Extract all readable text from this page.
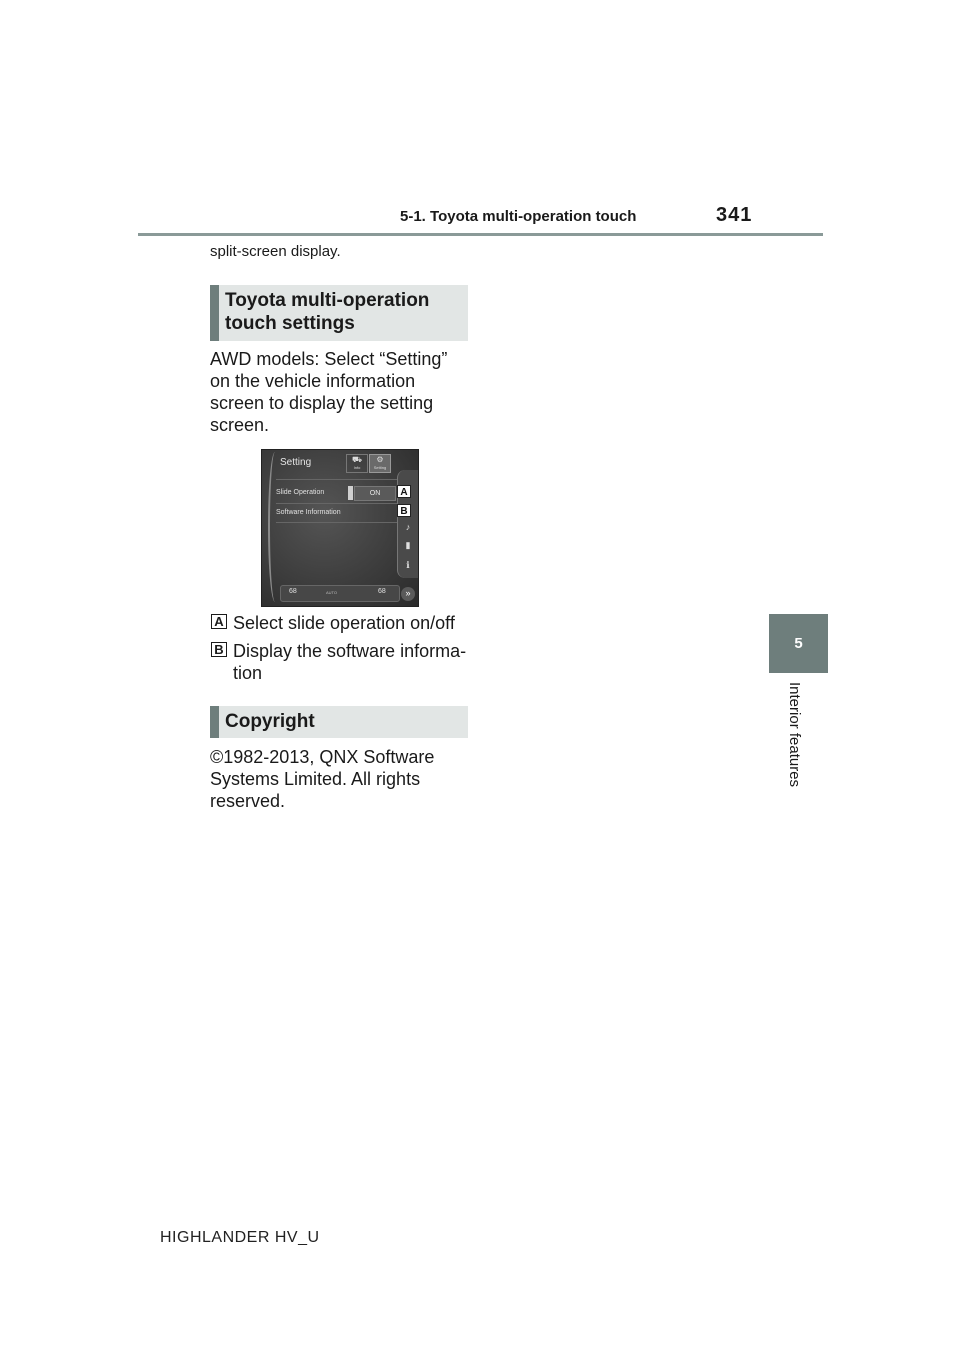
5-1. Toyota multi-operation touch	341
5
Interior features
split-screen display.
Toyota multi-operation
touch settings
AWD models: Select “Setting”
on the vehicle information
screen to display the setting
screen.
Setting	⛟
Info
⚙
Setting
Slide Operation	ON
Software Information
♪
▮
ℹ
68	AUTO	68	»
A
B
A Select slide operation on/off
B Display the software informa-
tion
Copyright
©1982-2013, QNX Software
Systems Limited. All rights
reserved.
HIGHLANDER HV_U
